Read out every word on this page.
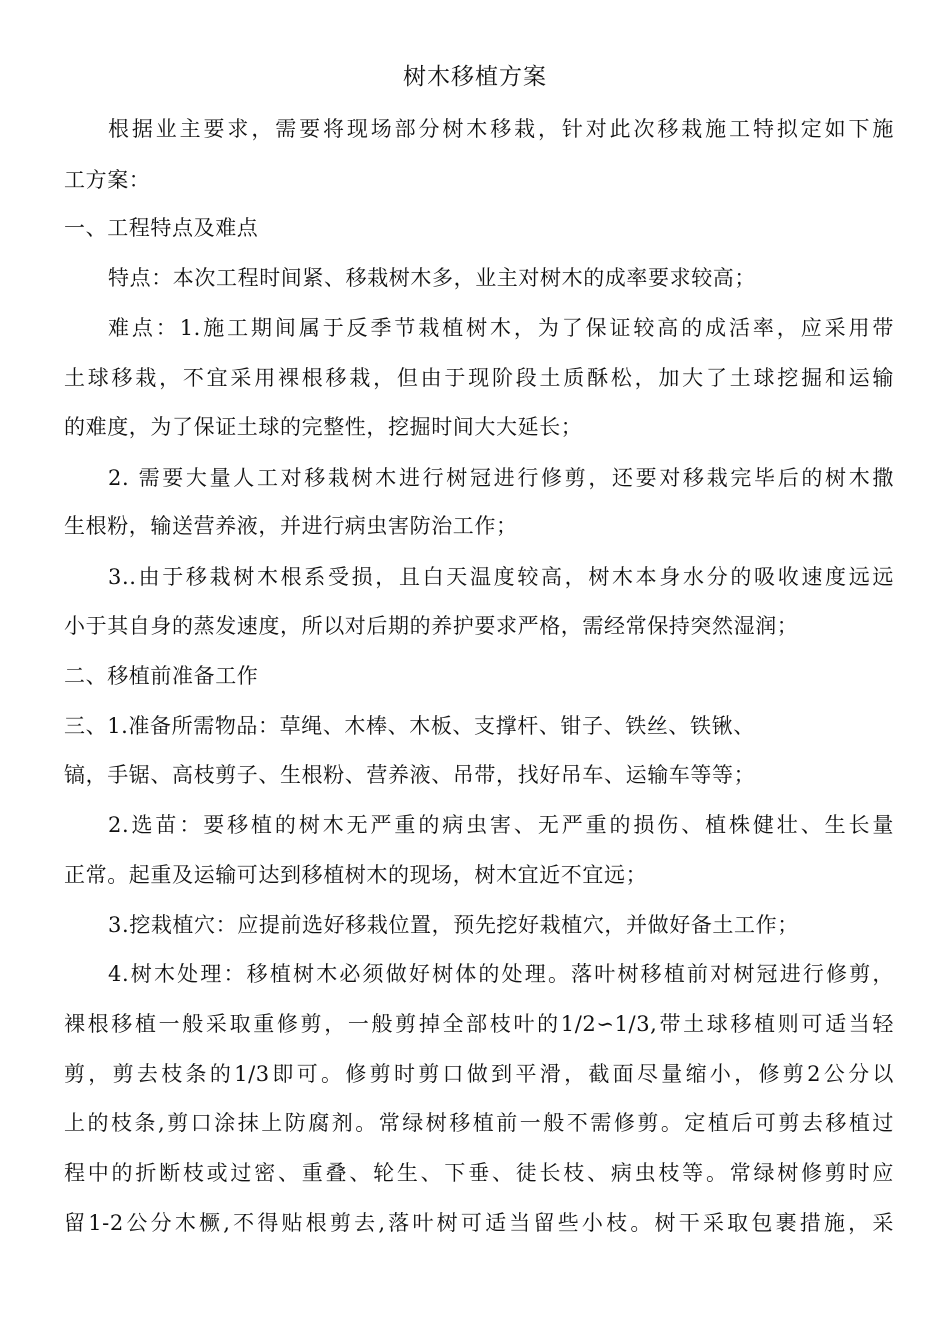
树木移植方案
根据业主要求，需要将现场部分树木移栽，针对此次移栽施工特拟定如下施
工方案：
一、工程特点及难点
特点：本次工程时间紧、移栽树木多，业主对树木的成率要求较高；
难点：1.施工期间属于反季节栽植树木，为了保证较高的成活率，应采用带
土球移栽，不宜采用裸根移栽，但由于现阶段土质酥松，加大了土球挖掘和运输
的难度，为了保证土球的完整性，挖掘时间大大延长；
2. 需要大量人工对移栽树木进行树冠进行修剪，还要对移栽完毕后的树木撒
生根粉，输送营养液，并进行病虫害防治工作；
3..由于移栽树木根系受损，且白天温度较高，树木本身水分的吸收速度远远
小于其自身的蒸发速度，所以对后期的养护要求严格，需经常保持突然湿润；
二、移植前准备工作
三、1.准备所需物品：草绳、木棒、木板、支撑杆、钳子、铁丝、铁锹、
镐，手锯、高枝剪子、生根粉、营养液、吊带，找好吊车、运输车等等；
2.选苗：要移植的树木无严重的病虫害、无严重的损伤、植株健壮、生长量
正常。起重及运输可达到移植树木的现场，树木宜近不宜远；
3.挖栽植穴：应提前选好移栽位置，预先挖好栽植穴，并做好备土工作；
4.树木处理：移植树木必须做好树体的处理。落叶树移植前对树冠进行修剪，
裸根移植一般采取重修剪，一般剪掉全部枝叶的1/2∽1/3,带土球移植则可适当轻
剪，剪去枝条的1/3即可。修剪时剪口做到平滑，截面尽量缩小，修剪2公分以
上的枝条,剪口涂抹上防腐剂。常绿树移植前一般不需修剪。定植后可剪去移植过
程中的折断枝或过密、重叠、轮生、下垂、徒长枝、病虫枝等。常绿树修剪时应
留1-2公分木橛,不得贴根剪去,落叶树可适当留些小枝。树干采取包裹措施，采
